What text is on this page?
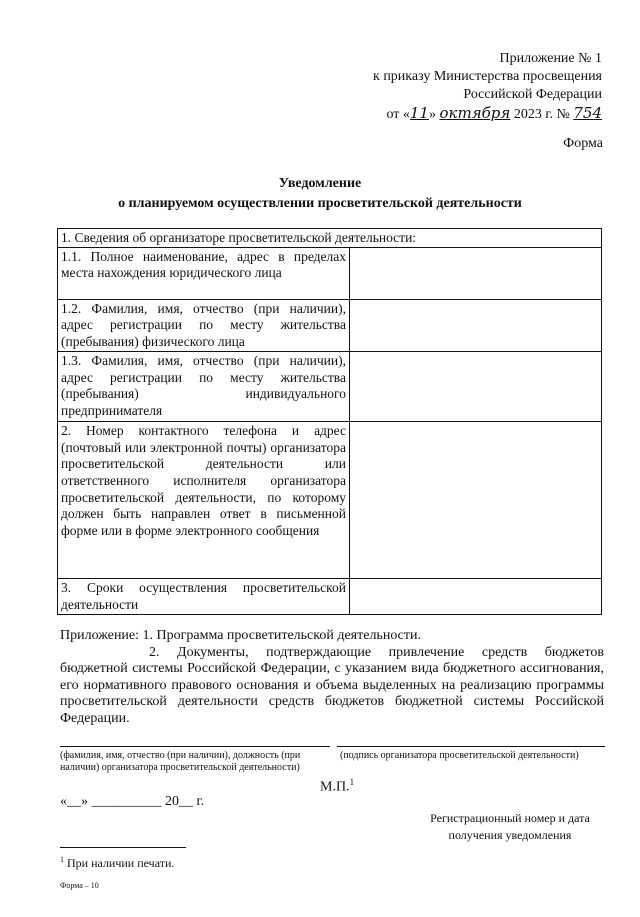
Приложение № 1
к приказу Министерства просвещения
Российской Федерации
от «11» октября 2023 г. № 754
Форма
Уведомление
о планируемом осуществлении просветительской деятельности
1. Сведения об организаторе просветительской деятельности:	
1.1. Полное наименование, адрес в пределах места нахождения юридического лица	
1.2. Фамилия, имя, отчество (при наличии), адрес регистрации по месту жительства (пребывания) физического лица	
1.3. Фамилия, имя, отчество (при наличии), адрес регистрации по месту жительства (пребывания) индивидуального предпринимателя	
2. Номер контактного телефона и адрес (почтовый или электронной почты) организатора просветительской деятельности или ответственного исполнителя организатора просветительской деятельности, по которому должен быть направлен ответ в письменной форме или в форме электронного сообщения	
3. Сроки осуществления просветительской деятельности	
Приложение: 1. Программа просветительской деятельности.
2. Документы, подтверждающие привлечение средств бюджетов бюджетной системы Российской Федерации, с указанием вида бюджетного ассигнования, его нормативного правового основания и объема выделенных на реализацию программы просветительской деятельности средств бюджетов бюджетной системы Российской Федерации.
(фамилия, имя, отчество (при наличии), должность (при наличии) организатора просветительской деятельности)
(подпись организатора просветительской деятельности)
М.П.$^1$
«__» __________ 20__ г.
Регистрационный номер и дата
получения уведомления
$^1$ При наличии печати.
Форма – 10
